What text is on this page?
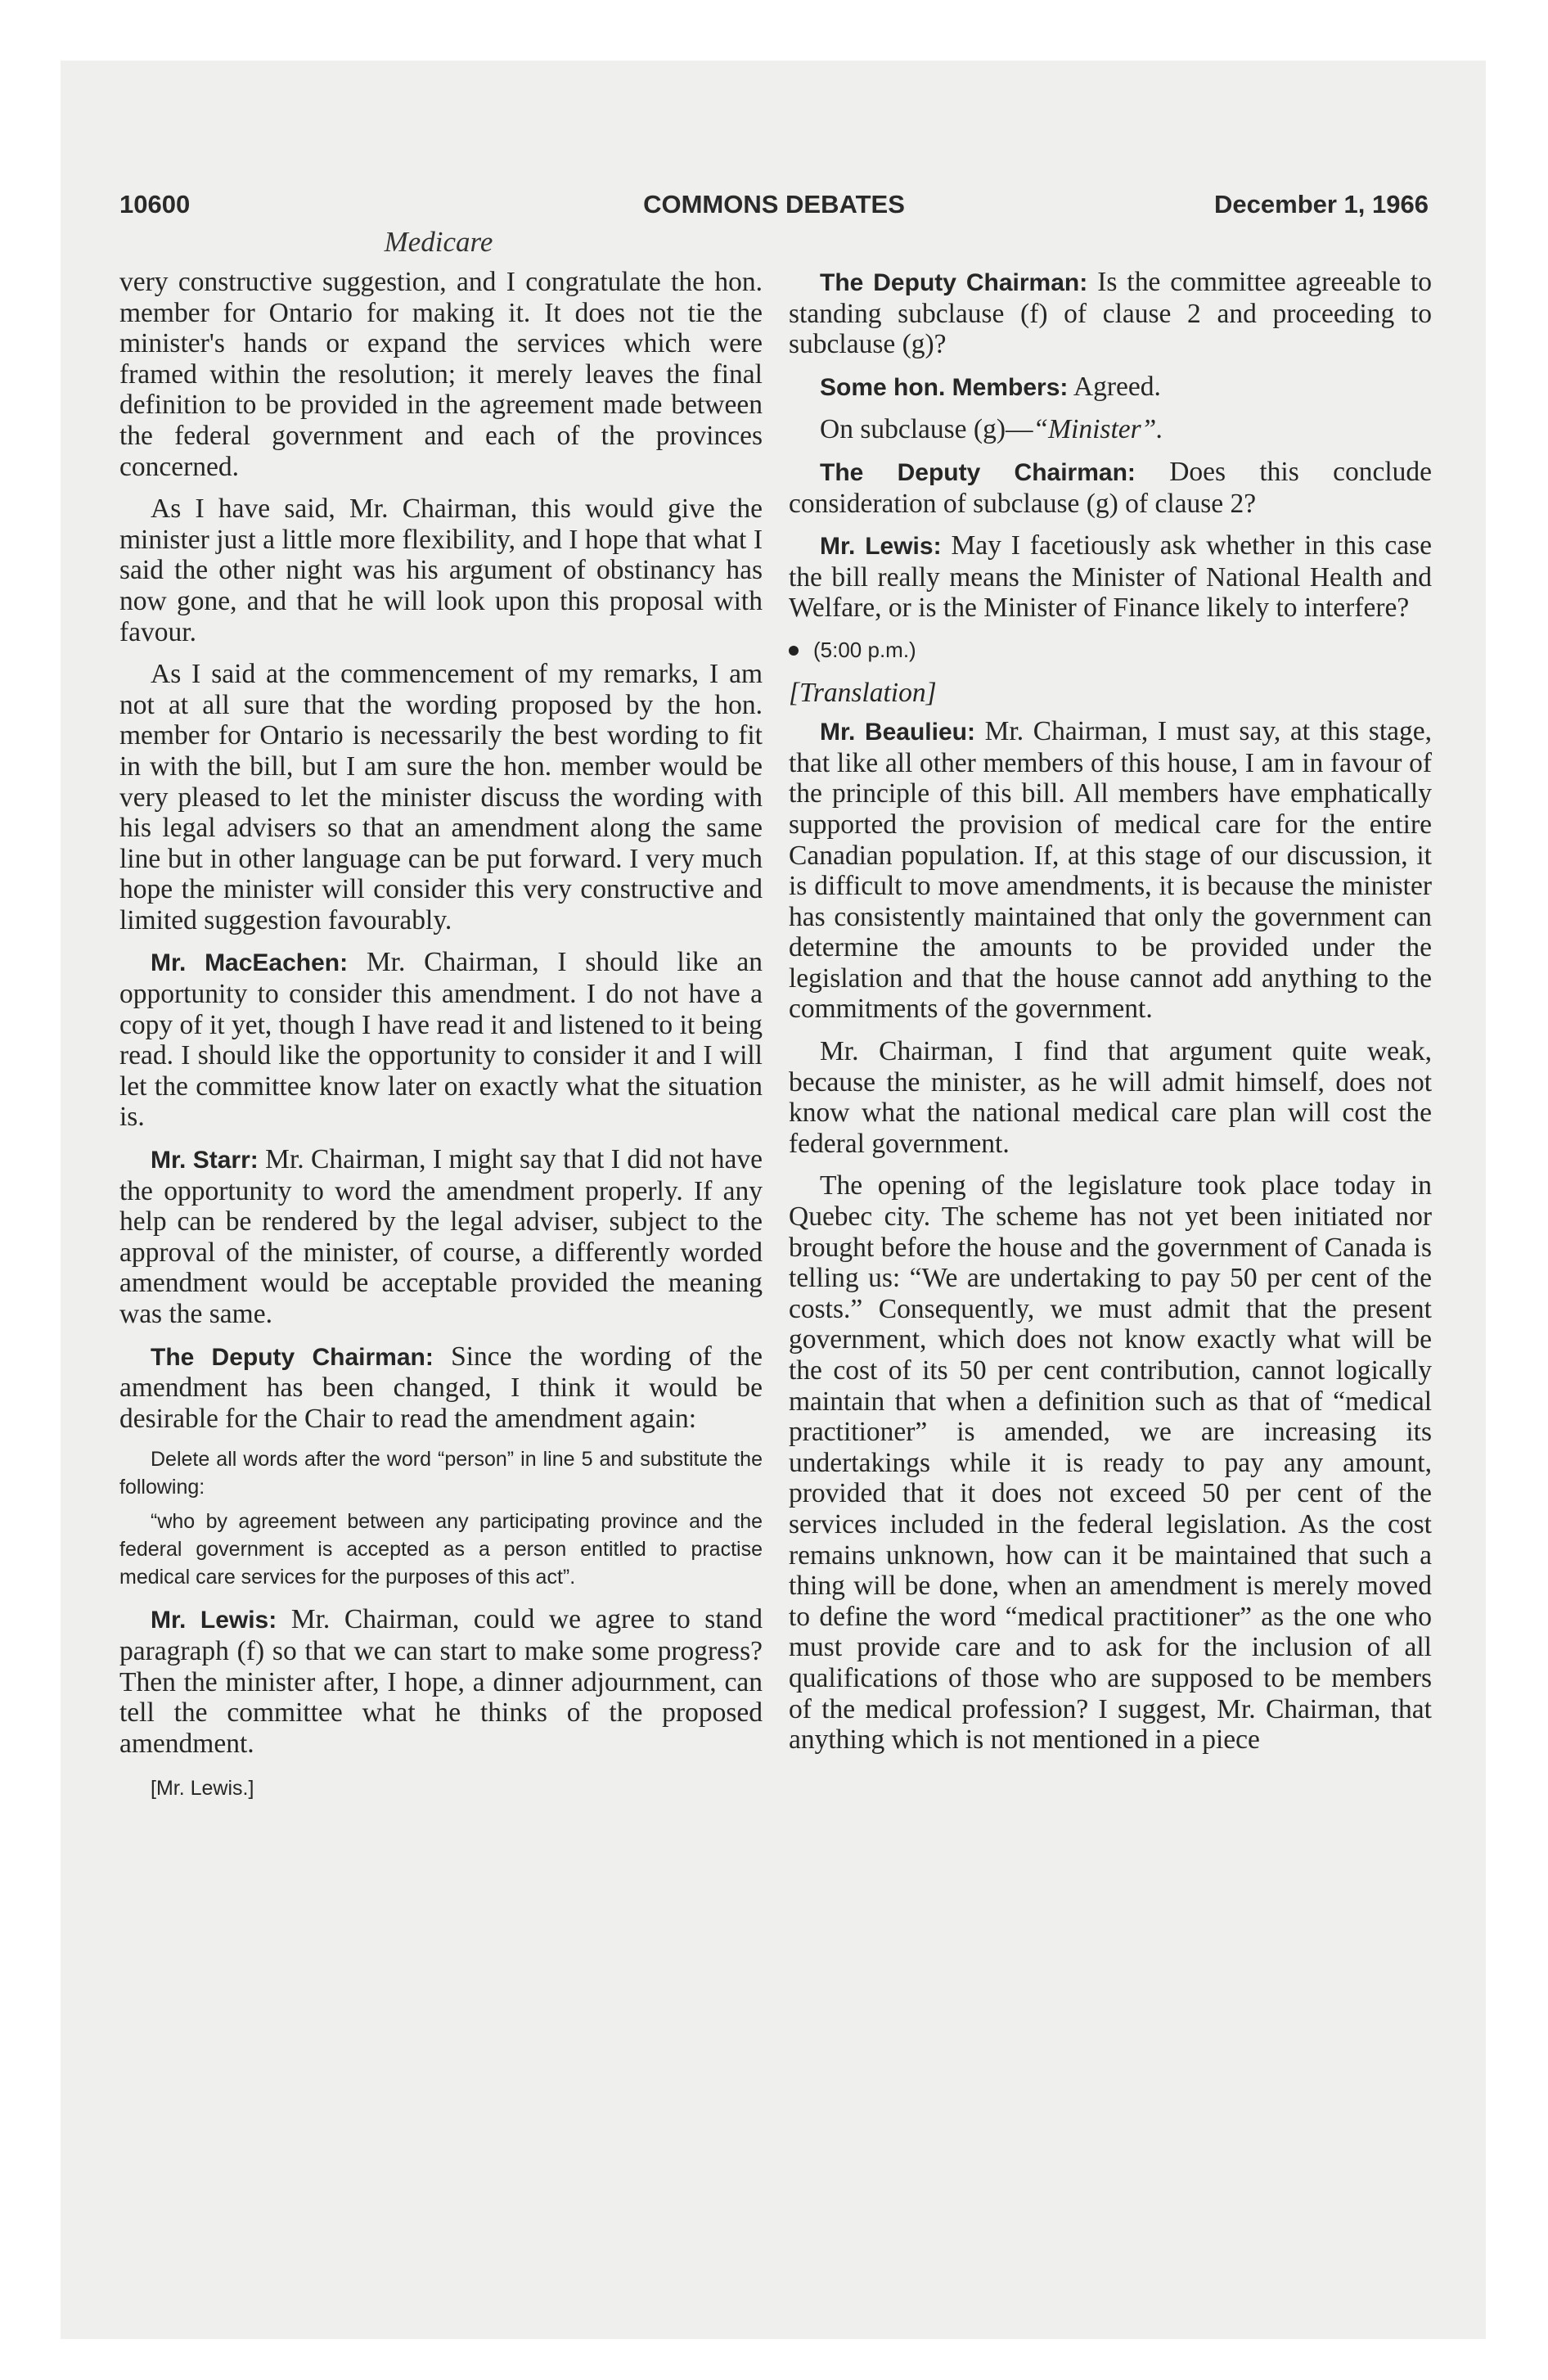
10600	COMMONS DEBATES	December 1, 1966
Medicare

very constructive suggestion, and I congratulate the hon. member for Ontario for making it. It does not tie the minister's hands or expand the services which were framed within the resolution; it merely leaves the final definition to be provided in the agreement made between the federal government and each of the provinces concerned.

As I have said, Mr. Chairman, this would give the minister just a little more flexibility, and I hope that what I said the other night was his argument of obstinancy has now gone, and that he will look upon this proposal with favour.

As I said at the commencement of my remarks, I am not at all sure that the wording proposed by the hon. member for Ontario is necessarily the best wording to fit in with the bill, but I am sure the hon. member would be very pleased to let the minister discuss the wording with his legal advisers so that an amendment along the same line but in other language can be put forward. I very much hope the minister will consider this very constructive and limited suggestion favourably.

Mr. MacEachen: Mr. Chairman, I should like an opportunity to consider this amendment. I do not have a copy of it yet, though I have read it and listened to it being read. I should like the opportunity to consider it and I will let the committee know later on exactly what the situation is.

Mr. Starr: Mr. Chairman, I might say that I did not have the opportunity to word the amendment properly. If any help can be rendered by the legal adviser, subject to the approval of the minister, of course, a differently worded amendment would be acceptable provided the meaning was the same.

The Deputy Chairman: Since the wording of the amendment has been changed, I think it would be desirable for the Chair to read the amendment again:

Delete all words after the word “person” in line 5 and substitute the following:
“who by agreement between any participating province and the federal government is accepted as a person entitled to practise medical care services for the purposes of this act”.

Mr. Lewis: Mr. Chairman, could we agree to stand paragraph (f) so that we can start to make some progress? Then the minister after, I hope, a dinner adjournment, can tell the committee what he thinks of the proposed amendment.

[Mr. Lewis.]

The Deputy Chairman: Is the committee agreeable to standing subclause (f) of clause 2 and proceeding to subclause (g)?

Some hon. Members: Agreed.

On subclause (g)—“Minister”.

The Deputy Chairman: Does this conclude consideration of subclause (g) of clause 2?

Mr. Lewis: May I facetiously ask whether in this case the bill really means the Minister of National Health and Welfare, or is the Minister of Finance likely to interfere?

(5:00 p.m.)
[Translation]

Mr. Beaulieu: Mr. Chairman, I must say, at this stage, that like all other members of this house, I am in favour of the principle of this bill. All members have emphatically supported the provision of medical care for the entire Canadian population. If, at this stage of our discussion, it is difficult to move amendments, it is because the minister has consistently maintained that only the government can determine the amounts to be provided under the legislation and that the house cannot add anything to the commitments of the government.

Mr. Chairman, I find that argument quite weak, because the minister, as he will admit himself, does not know what the national medical care plan will cost the federal government.

The opening of the legislature took place today in Quebec city. The scheme has not yet been initiated nor brought before the house and the government of Canada is telling us: “We are undertaking to pay 50 per cent of the costs.” Consequently, we must admit that the present government, which does not know exactly what will be the cost of its 50 per cent contribution, cannot logically maintain that when a definition such as that of “medical practitioner” is amended, we are increasing its undertakings while it is ready to pay any amount, provided that it does not exceed 50 per cent of the services included in the federal legislation. As the cost remains unknown, how can it be maintained that such a thing will be done, when an amendment is merely moved to define the word “medical practitioner” as the one who must provide care and to ask for the inclusion of all qualifications of those who are supposed to be members of the medical profession? I suggest, Mr. Chairman, that anything which is not mentioned in a piece
